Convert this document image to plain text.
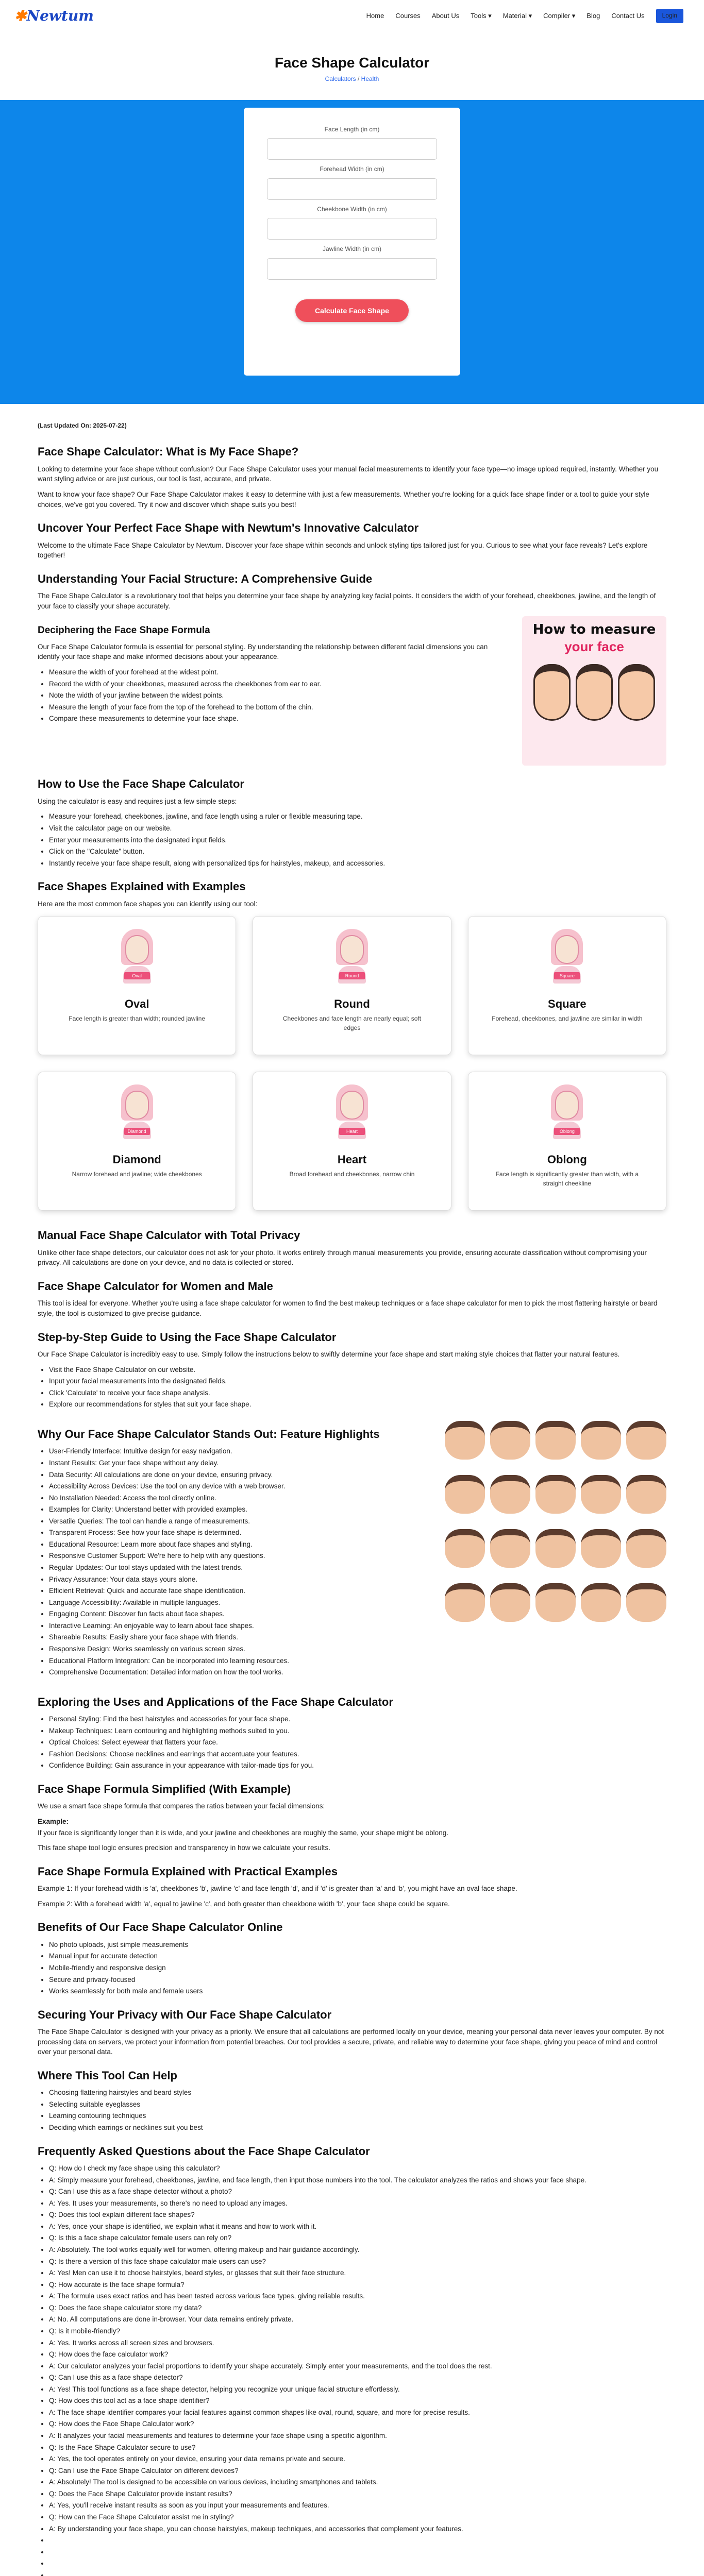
✱Newtum	Home Courses About Us Tools ▾ Material ▾ Compiler ▾ Blog Contact Us	Login
Face Shape Calculator
Calculators / Health
Face Length (in cm)
Forehead Width (in cm)
Cheekbone Width (in cm)
Jawline Width (in cm)
Calculate Face Shape
(Last Updated On: 2025-07-22)
Face Shape Calculator: What is My Face Shape?

Looking to determine your face shape without confusion? Our Face Shape Calculator uses your manual facial measurements to identify your face type—no image upload required, instantly. Whether you want styling advice or are just curious, our tool is fast, accurate, and private.

Want to know your face shape? Our Face Shape Calculator makes it easy to determine with just a few measurements. Whether you're looking for a quick face shape finder or a tool to guide your style choices, we've got you covered. Try it now and discover which shape suits you best!

Uncover Your Perfect Face Shape with Newtum's Innovative Calculator

Welcome to the ultimate Face Shape Calculator by Newtum. Discover your face shape within seconds and unlock styling tips tailored just for you. Curious to see what your face reveals? Let's explore together!

Understanding Your Facial Structure: A Comprehensive Guide

The Face Shape Calculator is a revolutionary tool that helps you determine your face shape by analyzing key facial points. It considers the width of your forehead, cheekbones, jawline, and the length of your face to classify your shape accurately.

Deciphering the Face Shape Formula

Our Face Shape Calculator formula is essential for personal styling. By understanding the relationship between different facial dimensions you can identify your face shape and make informed decisions about your appearance.

• Measure the width of your forehead at the widest point.
• Record the width of your cheekbones, measured across the cheekbones from ear to ear.
• Note the width of your jawline between the widest points.
• Measure the length of your face from the top of the forehead to the bottom of the chin.
• Compare these measurements to determine your face shape.
How to measure
your face
How to Use the Face Shape Calculator

Using the calculator is easy and requires just a few simple steps:

• Measure your forehead, cheekbones, jawline, and face length using a ruler or flexible measuring tape.
• Visit the calculator page on our website.
• Enter your measurements into the designated input fields.
• Click on the "Calculate" button.
• Instantly receive your face shape result, along with personalized tips for hairstyles, makeup, and accessories.
Face Shapes Explained with Examples

Here are the most common face shapes you can identify using our tool:

Oval
Oval
Face length is greater than width; rounded jawline
Round
Round
Cheekbones and face length are nearly equal; soft edges
Square
Square
Forehead, cheekbones, and jawline are similar in width
Diamond
Diamond
Narrow forehead and jawline; wide cheekbones
Heart
Heart
Broad forehead and cheekbones, narrow chin
Oblong
Oblong
Face length is significantly greater than width, with a straight cheekline
Manual Face Shape Calculator with Total Privacy

Unlike other face shape detectors, our calculator does not ask for your photo. It works entirely through manual measurements you provide, ensuring accurate classification without compromising your privacy. All calculations are done on your device, and no data is collected or stored.

Face Shape Calculator for Women and Male

This tool is ideal for everyone. Whether you're using a face shape calculator for women to find the best makeup techniques or a face shape calculator for men to pick the most flattering hairstyle or beard style, the tool is customized to give precise guidance.

Step-by-Step Guide to Using the Face Shape Calculator

Our Face Shape Calculator is incredibly easy to use. Simply follow the instructions below to swiftly determine your face shape and start making style choices that flatter your natural features.

• Visit the Face Shape Calculator on our website.
• Input your facial measurements into the designated fields.
• Click 'Calculate' to receive your face shape analysis.
• Explore our recommendations for styles that suit your face shape.
Why Our Face Shape Calculator Stands Out: Feature Highlights
• User-Friendly Interface: Intuitive design for easy navigation.
• Instant Results: Get your face shape without any delay.
• Data Security: All calculations are done on your device, ensuring privacy.
• Accessibility Across Devices: Use the tool on any device with a web browser.
• No Installation Needed: Access the tool directly online.
• Examples for Clarity: Understand better with provided examples.
• Versatile Queries: The tool can handle a range of measurements.
• Transparent Process: See how your face shape is determined.
• Educational Resource: Learn more about face shapes and styling.
• Responsive Customer Support: We're here to help with any questions.
• Regular Updates: Our tool stays updated with the latest trends.
• Privacy Assurance: Your data stays yours alone.
• Efficient Retrieval: Quick and accurate face shape identification.
• Language Accessibility: Available in multiple languages.
• Engaging Content: Discover fun facts about face shapes.
• Interactive Learning: An enjoyable way to learn about face shapes.
• Shareable Results: Easily share your face shape with friends.
• Responsive Design: Works seamlessly on various screen sizes.
• Educational Platform Integration: Can be incorporated into learning resources.
• Comprehensive Documentation: Detailed information on how the tool works.
Exploring the Uses and Applications of the Face Shape Calculator
• Personal Styling: Find the best hairstyles and accessories for your face shape.
• Makeup Techniques: Learn contouring and highlighting methods suited to you.
• Optical Choices: Select eyewear that flatters your face.
• Fashion Decisions: Choose necklines and earrings that accentuate your features.
• Confidence Building: Gain assurance in your appearance with tailor-made tips for you.
Face Shape Formula Simplified (With Example)

We use a smart face shape formula that compares the ratios between your facial dimensions:

Example:

If your face is significantly longer than it is wide, and your jawline and cheekbones are roughly the same, your shape might be oblong.

This face shape tool logic ensures precision and transparency in how we calculate your results.

Face Shape Formula Explained with Practical Examples

Example 1: If your forehead width is 'a', cheekbones 'b', jawline 'c' and face length 'd', and if 'd' is greater than 'a' and 'b', you might have an oval face shape.

Example 2: With a forehead width 'a', equal to jawline 'c', and both greater than cheekbone width 'b', your face shape could be square.

Benefits of Our Face Shape Calculator Online
• No photo uploads, just simple measurements
• Manual input for accurate detection
• Mobile-friendly and responsive design
• Secure and privacy-focused
• Works seamlessly for both male and female users
Securing Your Privacy with Our Face Shape Calculator

The Face Shape Calculator is designed with your privacy as a priority. We ensure that all calculations are performed locally on your device, meaning your personal data never leaves your computer. By not processing data on servers, we protect your information from potential breaches. Our tool provides a secure, private, and reliable way to determine your face shape, giving you peace of mind and control over your personal data.

Where This Tool Can Help
• Choosing flattering hairstyles and beard styles
• Selecting suitable eyeglasses
• Learning contouring techniques
• Deciding which earrings or necklines suit you best
Frequently Asked Questions about the Face Shape Calculator
• Q: How do I check my face shape using this calculator?
• A: Simply measure your forehead, cheekbones, jawline, and face length, then input those numbers into the tool. The calculator analyzes the ratios and shows your face shape.
• Q: Can I use this as a face shape detector without a photo?
• A: Yes. It uses your measurements, so there's no need to upload any images.
• Q: Does this tool explain different face shapes?
• A: Yes, once your shape is identified, we explain what it means and how to work with it.
• Q: Is this a face shape calculator female users can rely on?
• A: Absolutely. The tool works equally well for women, offering makeup and hair guidance accordingly.
• Q: Is there a version of this face shape calculator male users can use?
• A: Yes! Men can use it to choose hairstyles, beard styles, or glasses that suit their face structure.
• Q: How accurate is the face shape formula?
• A: The formula uses exact ratios and has been tested across various face types, giving reliable results.
• Q: Does the face shape calculator store my data?
• A: No. All computations are done in-browser. Your data remains entirely private.
• Q: Is it mobile-friendly?
• A: Yes. It works across all screen sizes and browsers.
• Q: How does the face calculator work?
• A: Our calculator analyzes your facial proportions to identify your shape accurately. Simply enter your measurements, and the tool does the rest.
• Q: Can I use this as a face shape detector?
• A: Yes! This tool functions as a face shape detector, helping you recognize your unique facial structure effortlessly.
• Q: How does this tool act as a face shape identifier?
• A: The face shape identifier compares your facial features against common shapes like oval, round, square, and more for precise results.
• Q: How does the Face Shape Calculator work?
• A: It analyzes your facial measurements and features to determine your face shape using a specific algorithm.
• Q: Is the Face Shape Calculator secure to use?
• A: Yes, the tool operates entirely on your device, ensuring your data remains private and secure.
• Q: Can I use the Face Shape Calculator on different devices?
• A: Absolutely! The tool is designed to be accessible on various devices, including smartphones and tablets.
• Q: Does the Face Shape Calculator provide instant results?
• A: Yes, you'll receive instant results as soon as you input your measurements and features.
• Q: How can the Face Shape Calculator assist me in styling?
• A: By understanding your face shape, you can choose hairstyles, makeup techniques, and accessories that complement your features.
•
•
•
•
